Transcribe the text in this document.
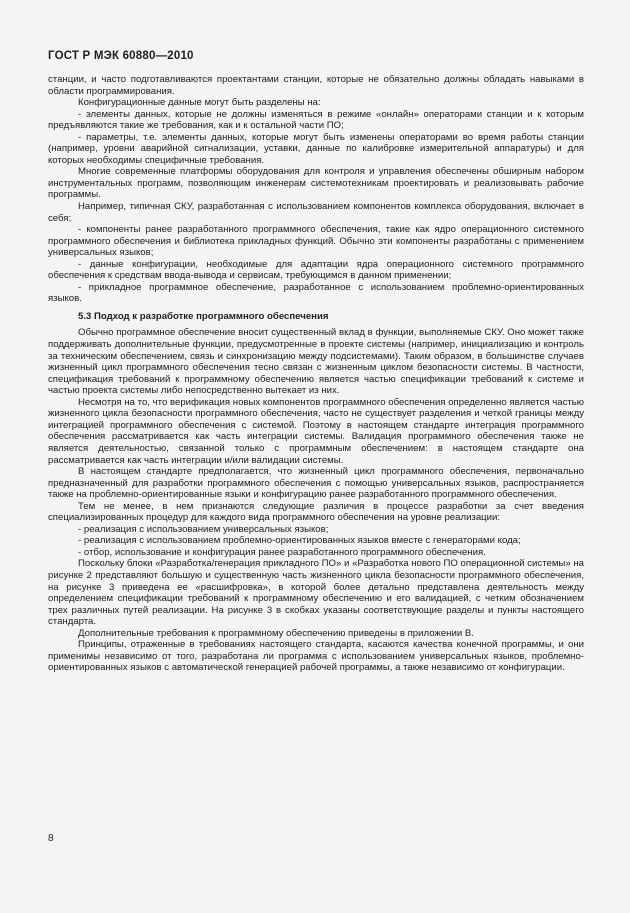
ГОСТ Р МЭК 60880—2010

станции, и часто подготавливаются проектантами станции, которые не обязательно должны обладать навыками в области программирования.

Конфигурационные данные могут быть разделены на:

- элементы данных, которые не должны изменяться в режиме «онлайн» операторами станции и к которым предъявляются такие же требования, как и к остальной части ПО;

- параметры, т.е. элементы данных, которые могут быть изменены операторами во время работы станции (например, уровни аварийной сигнализации, уставки, данные по калибровке измерительной аппаратуры) и для которых необходимы специфичные требования.

Многие современные платформы оборудования для контроля и управления обеспечены обширным набором инструментальных программ, позволяющим инженерам системотехникам проектировать и реализовывать рабочие программы.

Например, типичная СКУ, разработанная с использованием компонентов комплекса оборудования, включает в себя:

- компоненты ранее разработанного программного обеспечения, такие как ядро операционного системного программного обеспечения и библиотека прикладных функций. Обычно эти компоненты разработаны с применением универсальных языков;

- данные конфигурации, необходимые для адаптации ядра операционного системного программного обеспечения к средствам ввода-вывода и сервисам, требующимся в данном применении;

- прикладное программное обеспечение, разработанное с использованием проблемно-ориентированных языков.

5.3 Подход к разработке программного обеспечения

Обычно программное обеспечение вносит существенный вклад в функции, выполняемые СКУ. Оно может также поддерживать дополнительные функции, предусмотренные в проекте системы (например, инициализацию и контроль за техническим обеспечением, связь и синхронизацию между подсистемами). Таким образом, в большинстве случаев жизненный цикл программного обеспечения тесно связан с жизненным циклом безопасности системы. В частности, спецификация требований к программному обеспечению является частью спецификации требований к системе и частью проекта системы либо непосредственно вытекает из них.

Несмотря на то, что верификация новых компонентов программного обеспечения определенно является частью жизненного цикла безопасности программного обеспечения, часто не существует разделения и четкой границы между интеграцией программного обеспечения с системой. Поэтому в настоящем стандарте интеграция программного обеспечения рассматривается как часть интеграции системы. Валидация программного обеспечения также не является деятельностью, связанной только с программным обеспечением: в настоящем стандарте она рассматривается как часть интеграции и/или валидации системы.

В настоящем стандарте предполагается, что жизненный цикл программного обеспечения, первоначально предназначенный для разработки программного обеспечения с помощью универсальных языков, распространяется также на проблемно-ориентированные языки и конфигурацию ранее разработанного программного обеспечения.

Тем не менее, в нем признаются следующие различия в процессе разработки за счет введения специализированных процедур для каждого вида программного обеспечения на уровне реализации:

- реализация с использованием универсальных языков;

- реализация с использованием проблемно-ориентированных языков вместе с генераторами кода;

- отбор, использование и конфигурация ранее разработанного программного обеспечения.

Поскольку блоки «Разработка/генерация прикладного ПО» и «Разработка нового ПО операционной системы» на рисунке 2 представляют большую и существенную часть жизненного цикла безопасности программного обеспечения, на рисунке 3 приведена ее «расшифровка», в которой более детально представлена деятельность между определением спецификации требований к программному обеспечению и его валидацией, с четким обозначением трех различных путей реализации. На рисунке 3 в скобках указаны соответствующие разделы и пункты настоящего стандарта.

Дополнительные требования к программному обеспечению приведены в приложении В.

Принципы, отраженные в требованиях настоящего стандарта, касаются качества конечной программы, и они применимы независимо от того, разработана ли программа с использованием универсальных языков, проблемно-ориентированных языков с автоматической генерацией рабочей программы, а также независимо от конфигурации.

8
